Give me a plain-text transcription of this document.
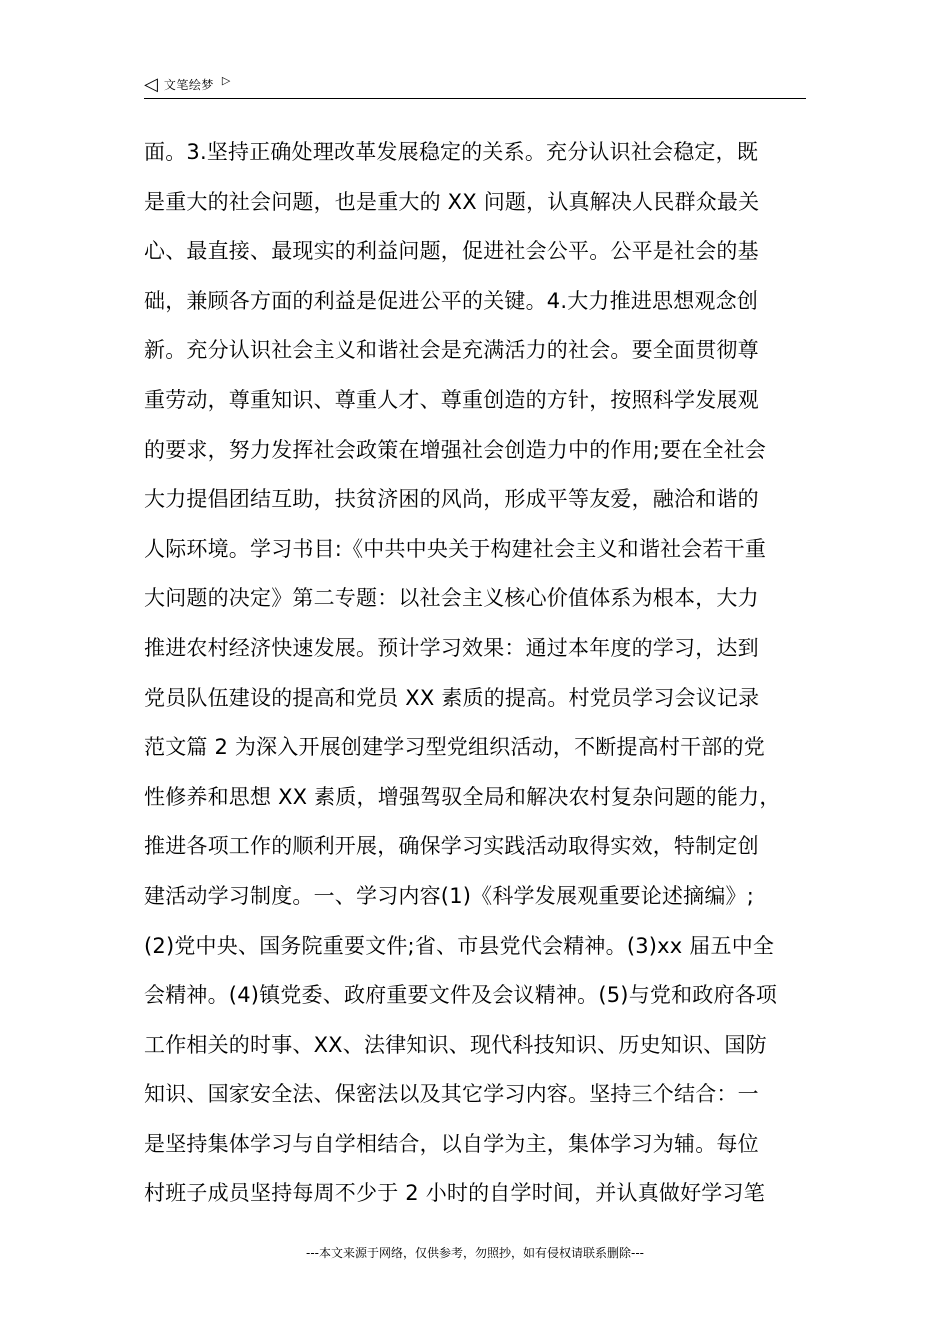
◁ 文笔绘梦 ▷
面。3.坚持正确处理改革发展稳定的关系。充分认识社会稳定，既
是重大的社会问题，也是重大的 XX 问题，认真解决人民群众最关
心、最直接、最现实的利益问题，促进社会公平。公平是社会的基
础，兼顾各方面的利益是促进公平的关键。4.大力推进思想观念创
新。充分认识社会主义和谐社会是充满活力的社会。要全面贯彻尊
重劳动，尊重知识、尊重人才、尊重创造的方针，按照科学发展观
的要求，努力发挥社会政策在增强社会创造力中的作用;要在全社会
大力提倡团结互助，扶贫济困的风尚，形成平等友爱，融洽和谐的
人际环境。学习书目:《中共中央关于构建社会主义和谐社会若干重
大问题的决定》第二专题：以社会主义核心价值体系为根本，大力
推进农村经济快速发展。预计学习效果：通过本年度的学习，达到
党员队伍建设的提高和党员 XX 素质的提高。村党员学习会议记录
范文篇 2 为深入开展创建学习型党组织活动，不断提高村干部的党
性修养和思想 XX 素质，增强驾驭全局和解决农村复杂问题的能力，
推进各项工作的顺利开展，确保学习实践活动取得实效，特制定创
建活动学习制度。一、学习内容(1)《科学发展观重要论述摘编》;
(2)党中央、国务院重要文件;省、市县党代会精神。(3)xx 届五中全
会精神。(4)镇党委、政府重要文件及会议精神。(5)与党和政府各项
工作相关的时事、XX、法律知识、现代科技知识、历史知识、国防
知识、国家安全法、保密法以及其它学习内容。坚持三个结合：一
是坚持集体学习与自学相结合，以自学为主，集体学习为辅。每位
村班子成员坚持每周不少于 2 小时的自学时间，并认真做好学习笔
---本文来源于网络，仅供参考，勿照抄，如有侵权请联系删除---
